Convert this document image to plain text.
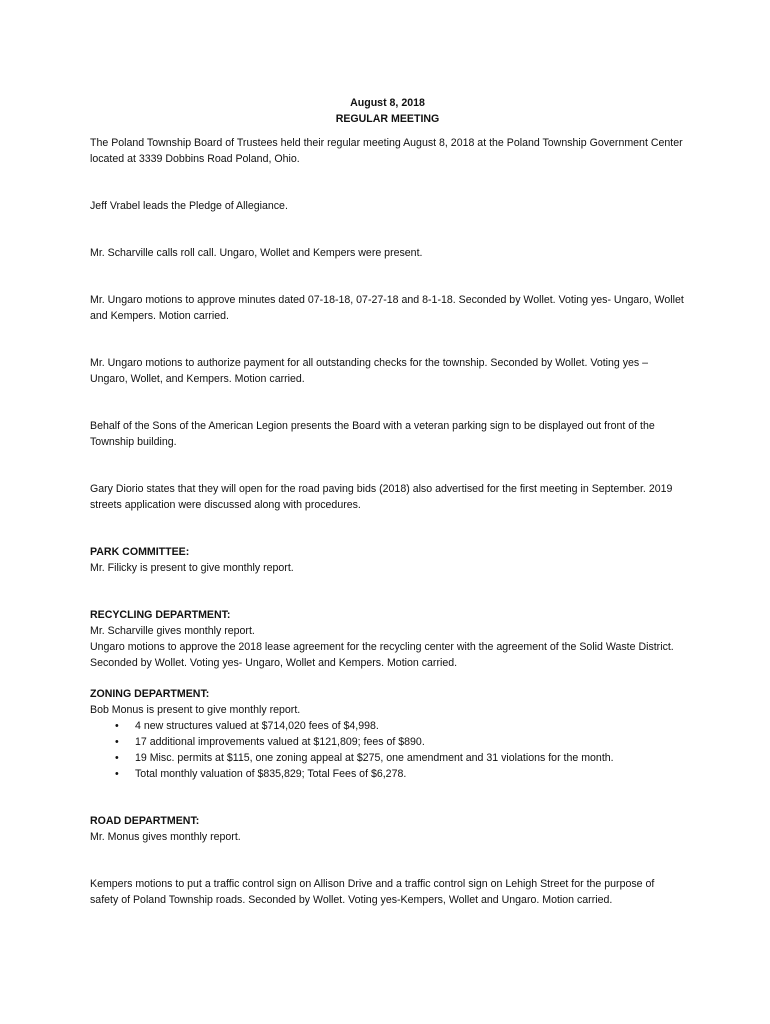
August 8, 2018
REGULAR MEETING

The Poland Township Board of Trustees held their regular meeting August 8, 2018 at the Poland Township Government Center located at 3339 Dobbins Road Poland, Ohio.

Jeff Vrabel leads the Pledge of Allegiance.

Mr. Scharville calls roll call. Ungaro, Wollet and Kempers were present.

Mr. Ungaro motions to approve minutes dated 07-18-18, 07-27-18 and 8-1-18. Seconded by Wollet. Voting yes- Ungaro, Wollet and Kempers. Motion carried.

Mr. Ungaro motions to authorize payment for all outstanding checks for the township. Seconded by Wollet. Voting yes – Ungaro, Wollet, and Kempers. Motion carried.

Behalf of the Sons of the American Legion presents the Board with a veteran parking sign to be displayed out front of the Township building.

Gary Diorio states that they will open for the road paving bids (2018) also advertised for the first meeting in September. 2019 streets application were discussed along with procedures.

PARK COMMITTEE:

Mr. Filicky is present to give monthly report.

RECYCLING DEPARTMENT:

Mr. Scharville gives monthly report.

Ungaro motions to approve the 2018 lease agreement for the recycling center with the agreement of the Solid Waste District. Seconded by Wollet. Voting yes- Ungaro, Wollet and Kempers. Motion carried.

ZONING DEPARTMENT:

Bob Monus is present to give monthly report.

• 4 new structures valued at $714,020 fees of $4,998.
• 17 additional improvements valued at $121,809; fees of $890.
• 19 Misc. permits at $115, one zoning appeal at $275, one amendment and 31 violations for the month.
• Total monthly valuation of $835,829; Total Fees of $6,278.
ROAD DEPARTMENT:

Mr. Monus gives monthly report.

Kempers motions to put a traffic control sign on Allison Drive and a traffic control sign on Lehigh Street for the purpose of safety of Poland Township roads. Seconded by Wollet. Voting yes-Kempers, Wollet and Ungaro. Motion carried.
